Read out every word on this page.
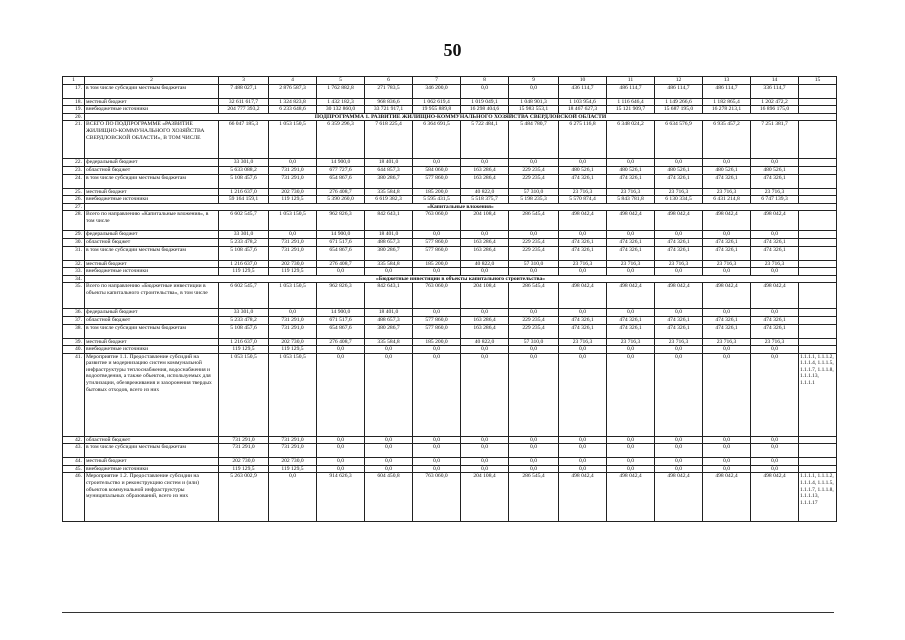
50
1	2	3	4	5	6	7	8	9	10	11	12	13	14	15
17.	в том числе субсидии местным бюджетам	7 488 027,1	2 876 587,3	1 762 882,8	271 783,5	346 200,0	0,0	0,0	436 114,7	486 114,7	486 114,7	486 114,7	336 114,7	
18.	местный бюджет	32 611 617,7	1 324 823,8	1 432 182,3	968 836,6	1 062 619,4	1 019 049,1	1 048 901,3	1 103 954,6	1 116 646,4	1 149 266,6	1 182 865,4	1 202 472,2	
19.	внебюджетные источники	204 777 393,2	6 233 648,6	30 132 860,0	33 721 917,1	19 955 889,8	16 298 404,6	15 983 553,1	18 467 627,3	15 121 909,7	15 687 195,0	16 278 213,1	16 896 175,0	
20.	ПОДПРОГРАММА 1. РАЗВИТИЕ ЖИЛИЩНО-КОММУНАЛЬНОГО ХОЗЯЙСТВА СВЕРДЛОВСКОЙ ОБЛАСТИ													
21.	ВСЕГО ПО ПОДПРОГРАММЕ «РАЗВИТИЕ ЖИЛИЩНО-КОММУНАЛЬНОГО ХОЗЯЙСТВА СВЕРДЛОВСКОЙ ОБЛАСТИ», В ТОМ ЧИСЛЕ	66 047 185,3	1 053 150,5	6 359 296,3	7 618 225,4	6 364 691,5	5 722 484,1	5 484 780,7	6 275 116,8	6 348 024,2	6 634 576,9	6 935 457,2	7 251 381,7	
22.	федеральный бюджет	33 301,0	0,0	14 900,0	18 401,0	0,0	0,0	0,0	0,0	0,0	0,0	0,0	0,0	
23.	областной бюджет	5 633 088,2	731 291,0	677 727,6	644 857,3	584 060,0	163 286,4	229 235,4	480 526,1	480 526,1	480 526,1	480 526,1	480 526,1	
24.	в том числе субсидии местным бюджетам	5 108 457,6	731 291,0	654 867,6	380 286,7	577 860,0	163 286,4	229 235,4	474 326,1	474 326,1	474 326,1	474 326,1	474 326,1	
25.	местный бюджет	1 216 637,0	202 730,0	276 408,7	335 584,8	185 200,0	40 822,0	57 310,0	23 716,3	23 716,3	23 716,3	23 716,3	23 716,3	
26.	внебюджетные источники	59 164 159,1	119 129,5	5 390 260,0	6 619 382,3	5 595 431,5	5 518 375,7	5 198 235,3	5 570 874,4	5 843 781,8	6 130 334,5	6 431 214,8	6 747 139,3	
27.	«Капитальные вложения»													
28.	Всего по направлению «Капитальные вложения», в том числе	6 602 545,7	1 053 150,5	962 826,3	842 643,1	763 060,0	204 108,4	286 545,4	498 042,4	498 042,4	498 042,4	498 042,4	498 042,4	
29.	федеральный бюджет	33 301,0	0,0	14 900,0	18 401,0	0,0	0,0	0,0	0,0	0,0	0,0	0,0	0,0	
30.	областной бюджет	5 233 478,2	731 291,0	671 517,6	488 657,3	577 860,0	163 286,4	229 235,4	474 326,1	474 326,1	474 326,1	474 326,1	474 326,1	
31.	в том числе субсидии местным бюджетам	5 108 457,6	731 291,0	654 867,6	380 286,7	577 860,0	163 286,4	229 235,4	474 326,1	474 326,1	474 326,1	474 326,1	474 326,1	
32.	местный бюджет	1 216 637,0	202 730,0	276 408,7	335 584,8	185 200,0	40 822,0	57 310,0	23 716,3	23 716,3	23 716,3	23 716,3	23 716,3	
33.	внебюджетные источники	119 129,5	119 129,5	0,0	0,0	0,0	0,0	0,0	0,0	0,0	0,0	0,0	0,0	
34.	«Бюджетные инвестиции в объекты капитального строительства»													
35.	Всего по направлению «Бюджетные инвестиции в объекты капитального строительства», в том числе	6 602 545,7	1 053 150,5	962 826,3	842 643,1	763 060,0	204 108,4	286 545,4	498 042,4	498 042,4	498 042,4	498 042,4	498 042,4	
36.	федеральный бюджет	33 301,0	0,0	14 900,0	18 401,0	0,0	0,0	0,0	0,0	0,0	0,0	0,0	0,0	
37.	областной бюджет	5 233 478,2	731 291,0	671 517,6	488 657,3	577 860,0	163 286,4	229 235,4	474 326,1	474 326,1	474 326,1	474 326,1	474 326,1	
38.	в том числе субсидии местным бюджетам	5 108 457,6	731 291,0	654 867,6	380 286,7	577 860,0	163 286,4	229 235,4	474 326,1	474 326,1	474 326,1	474 326,1	474 326,1	
39.	местный бюджет	1 216 637,0	202 730,0	276 408,7	335 584,8	185 200,0	40 822,0	57 310,0	23 716,3	23 716,3	23 716,3	23 716,3	23 716,3	
40.	внебюджетные источники	119 129,5	119 129,5	0,0	0,0	0,0	0,0	0,0	0,0	0,0	0,0	0,0	0,0	
41.	Мероприятие 1.1. Предоставление субсидий на развитие и модернизацию систем коммунальной инфраструктуры теплоснабжения, водоснабжения и водоотведения, а также объектов, используемых для утилизации, обезвреживания и захоронения твердых бытовых отходов, всего из них	1 053 150,5	1 053 150,5	0,0	0,0	0,0	0,0	0,0	0,0	0,0	0,0	0,0	0,0	1.1.1.1, 1.1.1.2, 1.1.1.4, 1.1.1.5, 1.1.1.7, 1.1.1.8, 1.1.1.13, 1.1.1.1
42.	областной бюджет	731 291,0	731 291,0	0,0	0,0	0,0	0,0	0,0	0,0	0,0	0,0	0,0	0,0	
43.	в том числе субсидии местным бюджетам	731 291,0	731 291,0	0,0	0,0	0,0	0,0	0,0	0,0	0,0	0,0	0,0	0,0	
44.	местный бюджет	202 730,0	202 730,0	0,0	0,0	0,0	0,0	0,0	0,0	0,0	0,0	0,0	0,0	
45.	внебюджетные источники	119 129,5	119 129,5	0,0	0,0	0,0	0,0	0,0	0,0	0,0	0,0	0,0	0,0	
46.	Мероприятие 1.2. Предоставление субсидии на строительство и реконструкцию систем и (или) объектов коммунальной инфраструктуры муниципальных образований, всего из них	5 263 002,9	0,0	914 626,3	604 450,8	763 060,0	204 108,4	286 545,4	498 042,4	498 042,4	498 042,4	498 042,4	498 042,4	1.1.1.1, 1.1.1.2, 1.1.1.4, 1.1.1.5, 1.1.1.7, 1.1.1.8, 1.1.1.13, 1.1.1.17
